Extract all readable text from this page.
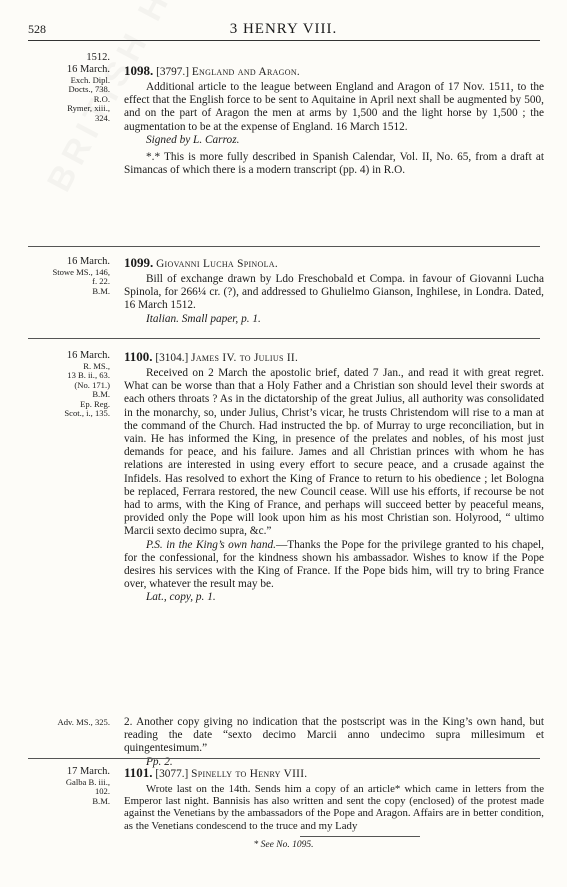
528	3 HENRY VIII.
1512.
16 March.
Exch. Dipl.
Docts., 738.
R.O.
Rymer, xiii.,
324.
1098. [3797.] England and Aragon.

Additional article to the league between England and Aragon of 17 Nov. 1511, to the effect that the English force to be sent to Aquitaine in April next shall be augmented by 500, and on the part of Aragon the men at arms by 1,500 and the light horse by 1,500 ; the augmentation to be at the expense of England. 16 March 1512.

Signed by L. Carroz.

*.* This is more fully described in Spanish Calendar, Vol. II, No. 65, from a draft at Simancas of which there is a modern transcript (pp. 4) in R.O.

16 March.
Stowe MS., 146,
f. 22.
B.M.
1099. Giovanni Lucha Spinola.

Bill of exchange drawn by Ldo Freschobald et Compa. in favour of Giovanni Lucha Spinola, for 266¼ cr. (?), and addressed to Ghulielmo Gianson, Inghilese, in Londra. Dated, 16 March 1512.

Italian. Small paper, p. 1.

16 March.
R. MS.,
13 B. ii., 63.
(No. 171.)
B.M.
Ep. Reg.
Scot., i., 135.
1100. [3104.] James IV. to Julius II.

Received on 2 March the apostolic brief, dated 7 Jan., and read it with great regret. What can be worse than that a Holy Father and a Christian son should level their swords at each others throats ? As in the dictatorship of the great Julius, all authority was consolidated in the monarchy, so, under Julius, Christ’s vicar, he trusts Christendom will rise to a man at the command of the Church. Had instructed the bp. of Murray to urge reconciliation, but in vain. He has informed the King, in presence of the prelates and nobles, of his most just demands for peace, and his failure. James and all Christian princes with whom he has relations are interested in using every effort to secure peace, and a crusade against the Infidels. Has resolved to exhort the King of France to return to his obedience ; let Bologna be replaced, Ferrara restored, the new Council cease. Will use his efforts, if recourse be not had to arms, with the King of France, and perhaps will succeed better by peaceful means, provided only the Pope will look upon him as his most Christian son. Holyrood, “ ultimo Marcii sexto decimo supra, &c.”

P.S. in the King’s own hand.—Thanks the Pope for the privilege granted to his chapel, for the confessional, for the kindness shown his ambassador. Wishes to know if the Pope desires his services with the King of France. If the Pope bids him, will try to bring France over, whatever the result may be.

Lat., copy, p. 1.

Adv. MS., 325. 2. Another copy giving no indication that the postscript was in the King’s own hand, but reading the date “sexto decimo Marcii anno undecimo supra millesimum et quingentesimum.”

Pp. 2.

17 March.
Galba B. iii.,
102.
B.M.
1101. [3077.] Spinelly to Henry VIII.

Wrote last on the 14th. Sends him a copy of an article* which came in letters from the Emperor last night. Bannisis has also written and sent the copy (enclosed) of the protest made against the Venetians by the ambassadors of the Pope and Aragon. Affairs are in better condition, as the Venetians condescend to the truce and my Lady

* See No. 1095.
